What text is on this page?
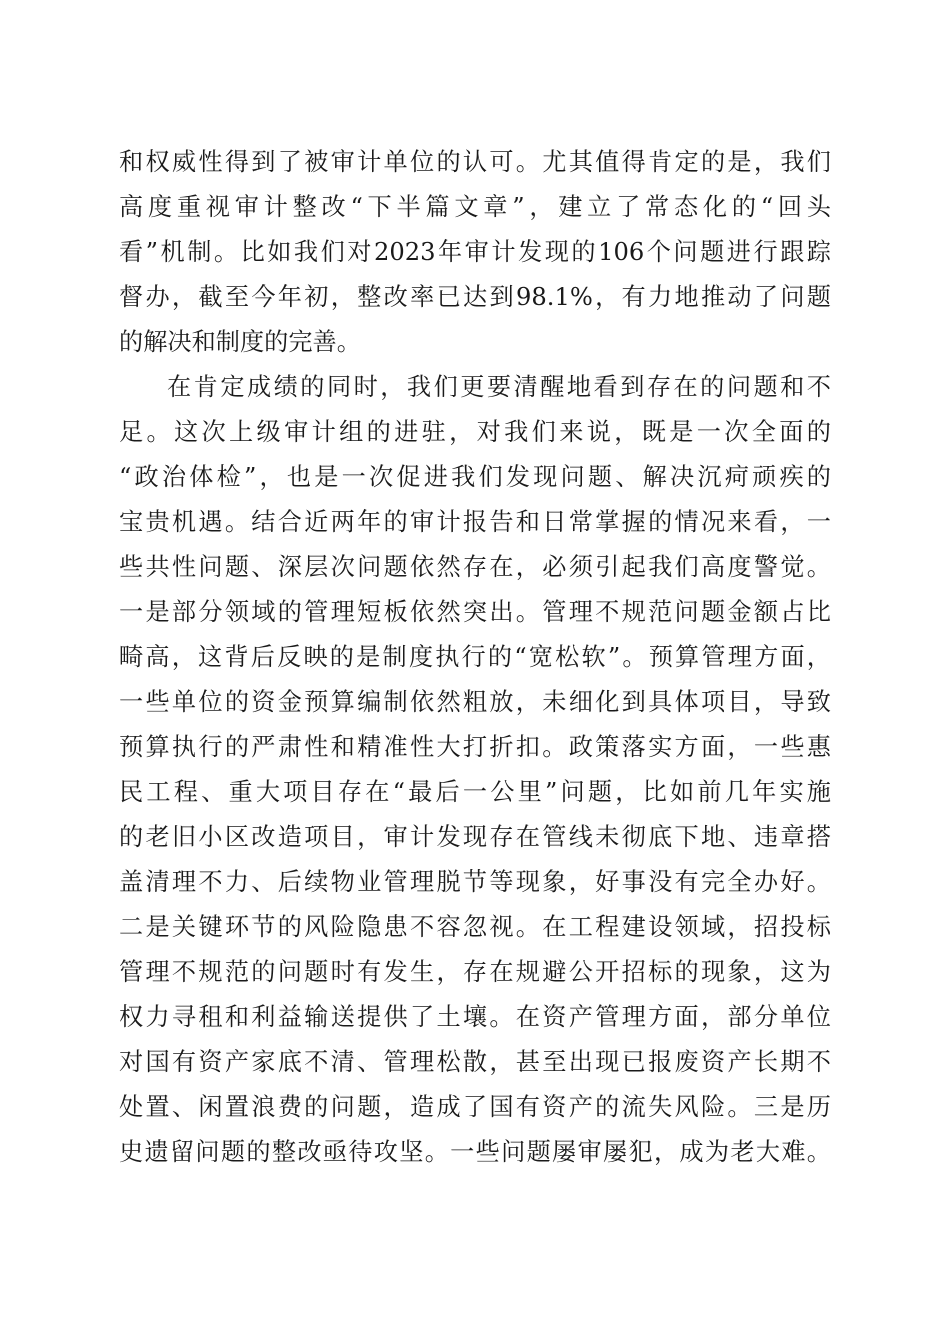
和权威性得到了被审计单位的认可。尤其值得肯定的是，我们
高度重视审计整改“下半篇文章”，建立了常态化的“回头
看”机制。比如我们对2023年审计发现的106个问题进行跟踪
督办，截至今年初，整改率已达到98.1%，有力地推动了问题
的解决和制度的完善。
在肯定成绩的同时，我们更要清醒地看到存在的问题和不
足。这次上级审计组的进驻，对我们来说，既是一次全面的
“政治体检”，也是一次促进我们发现问题、解决沉疴顽疾的
宝贵机遇。结合近两年的审计报告和日常掌握的情况来看，一
些共性问题、深层次问题依然存在，必须引起我们高度警觉。
一是部分领域的管理短板依然突出。管理不规范问题金额占比
畸高，这背后反映的是制度执行的“宽松软”。预算管理方面，
一些单位的资金预算编制依然粗放，未细化到具体项目，导致
预算执行的严肃性和精准性大打折扣。政策落实方面，一些惠
民工程、重大项目存在“最后一公里”问题，比如前几年实施
的老旧小区改造项目，审计发现存在管线未彻底下地、违章搭
盖清理不力、后续物业管理脱节等现象，好事没有完全办好。
二是关键环节的风险隐患不容忽视。在工程建设领域，招投标
管理不规范的问题时有发生，存在规避公开招标的现象，这为
权力寻租和利益输送提供了土壤。在资产管理方面，部分单位
对国有资产家底不清、管理松散，甚至出现已报废资产长期不
处置、闲置浪费的问题，造成了国有资产的流失风险。三是历
史遗留问题的整改亟待攻坚。一些问题屡审屡犯，成为老大难。
